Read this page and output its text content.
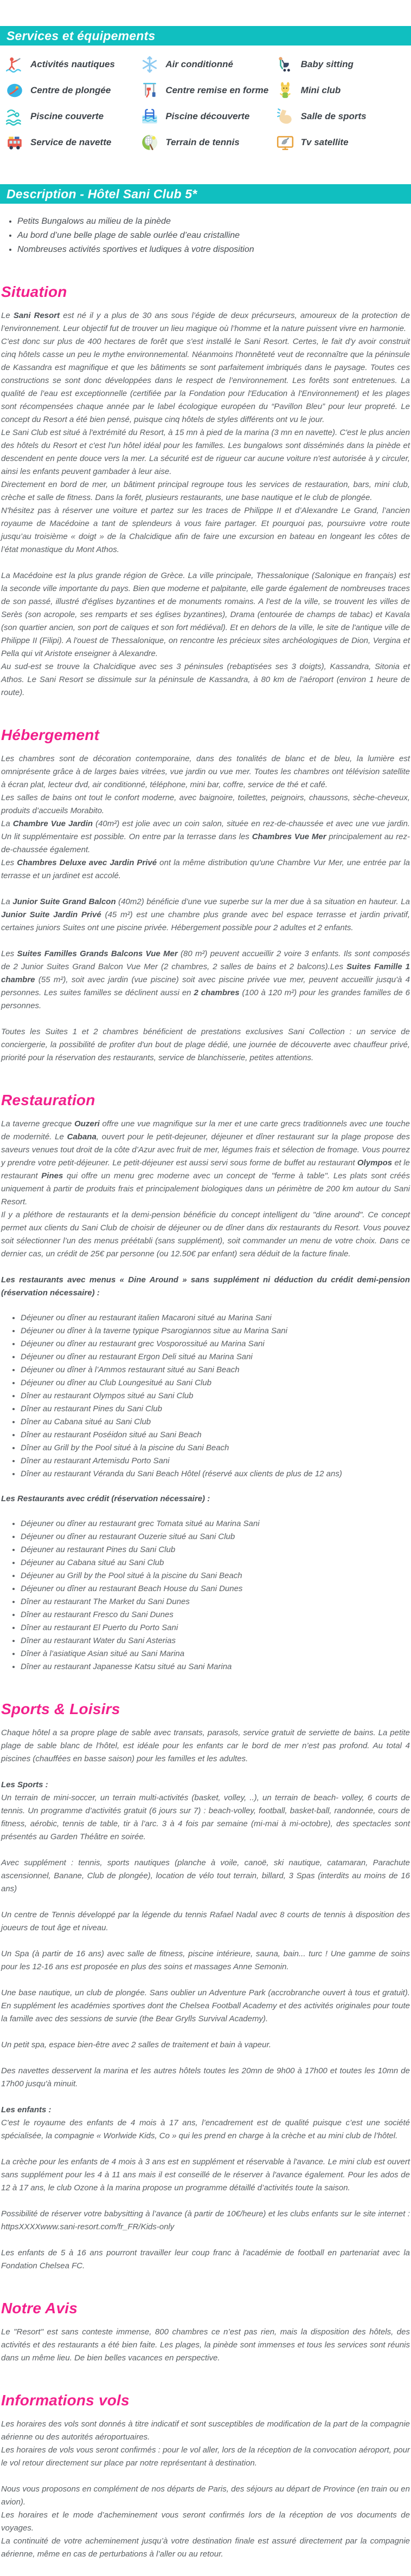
Services et équipements
Activités nautiques	Air conditionné	Baby sitting
Centre de plongée	Centre remise en forme	Mini club
Piscine couverte	Piscine découverte	Salle de sports
Service de navette	Terrain de tennis	Tv satellite
Description - Hôtel Sani Club 5*
• Petits Bungalows au milieu de la pinède
• Au bord d’une belle plage de sable ourlée d’eau cristalline
• Nombreuses activités sportives et ludiques à votre disposition
Situation

Le Sani Resort est né il y a plus de 30 ans sous l’égide de deux précurseurs, amoureux de la protection de l’environnement. Leur objectif fut de trouver un lieu magique où l’homme et la nature puissent vivre en harmonie.

C'est donc sur plus de 400 hectares de forêt que s'est installé le Sani Resort. Certes, le fait d'y avoir construit cinq hôtels casse un peu le mythe environnemental. Néanmoins l'honnêteté veut de reconnaître que la péninsule de Kassandra est magnifique et que les bâtiments se sont parfaitement imbriqués dans le paysage. Toutes ces constructions se sont donc développées dans le respect de l’environnement. Les forêts sont entretenues. La qualité de l’eau est exceptionnelle (certifiée par la Fondation pour l'Education à l'Environnement) et les plages sont récompensées chaque année par le label écologique européen du “Pavillon Bleu” pour leur propreté. Le concept du Resort a été bien pensé, puisque cinq hôtels de styles différents ont vu le jour.

Le Sani Club est situé à l'extrémité du Resort, à 15 mn à pied de la marina (3 mn en navette). C'est le plus ancien des hôtels du Resort et c'est l'un hôtel idéal pour les familles. Les bungalows sont disséminés dans la pinède et descendent en pente douce vers la mer. La sécurité est de rigueur car aucune voiture n'est autorisée à y circuler, ainsi les enfants peuvent gambader à leur aise.

Directement en bord de mer, un bâtiment principal regroupe tous les services de restauration, bars, mini club, crèche et salle de fitness. Dans la forêt, plusieurs restaurants, une base nautique et le club de plongée.

N'hésitez pas à réserver une voiture et partez sur les traces de Philippe II et d’Alexandre Le Grand, l’ancien royaume de Macédoine a tant de splendeurs à vous faire partager. Et pourquoi pas, poursuivre votre route jusqu’au troisième « doigt » de la Chalcidique afin de faire une excursion en bateau en longeant les côtes de l’état monastique du Mont Athos.

La Macédoine est la plus grande région de Grèce. La ville principale, Thessalonique (Salonique en français) est la seconde ville importante du pays. Bien que moderne et palpitante, elle garde également de nombreuses traces de son passé, illustré d'églises byzantines et de monuments romains. A l'est de la ville, se trouvent les villes de Serès (son acropole, ses remparts et ses églises byzantines), Drama (entourée de champs de tabac) et Kavala (son quartier ancien, son port de caïques et son fort médiéval). Et en dehors de la ville, le site de l'antique ville de Philippe II (Filipi). A l'ouest de Thessalonique, on rencontre les précieux sites archéologiques de Dion, Vergina et Pella qui vit Aristote enseigner à Alexandre.

Au sud-est se trouve la Chalcidique avec ses 3 péninsules (rebaptisées ses 3 doigts), Kassandra, Sitonia et Athos. Le Sani Resort se dissimule sur la péninsule de Kassandra, à 80 km de l’aéroport (environ 1 heure de route).

Hébergement

Les chambres sont de décoration contemporaine, dans des tonalités de blanc et de bleu, la lumière est omniprésente grâce à de larges baies vitrées, vue jardin ou vue mer. Toutes les chambres ont télévision satellite à écran plat, lecteur dvd, air conditionné, téléphone, mini bar, coffre, service de thé et café.

Les salles de bains ont tout le confort moderne, avec baignoire, toilettes, peignoirs, chaussons, sèche-cheveux, produits d’accueils Morabito.

La Chambre Vue Jardin (40m²) est jolie avec un coin salon, située en rez-de-chaussée et avec une vue jardin. Un lit supplémentaire est possible. On entre par la terrasse dans les Chambres Vue Mer principalement au rez-de-chaussée également.

Les Chambres Deluxe avec Jardin Privé ont la même distribution qu'une Chambre Vur Mer, une entrée par la terrasse et un jardinet est accolé.

La Junior Suite Grand Balcon (40m2) bénéficie d’une vue superbe sur la mer due à sa situation en hauteur. La Junior Suite Jardin Privé (45 m²) est une chambre plus grande avec bel espace terrasse et jardin privatif, certaines juniors Suites ont une piscine privée. Hébergement possible pour 2 adultes et 2 enfants.

Les Suites Familles Grands Balcons Vue Mer (80 m²) peuvent accueillir 2 voire 3 enfants. Ils sont composés de 2 Junior Suites Grand Balcon Vue Mer (2 chambres, 2 salles de bains et 2 balcons).Les Suites Famille 1 chambre (55 m²), soit avec jardin (vue piscine) soit avec piscine privée vue mer, peuvent accueillir jusqu'à 4 personnes. Les suites familles se déclinent aussi en 2 chambres (100 à 120 m²) pour les grandes familles de 6 personnes.

Toutes les Suites 1 et 2 chambres bénéficient de prestations exclusives Sani Collection : un service de conciergerie, la possibilité de profiter d'un bout de plage dédié, une journée de découverte avec chauffeur privé, priorité pour la réservation des restaurants, service de blanchisserie, petites attentions.

Restauration

La taverne grecque Ouzeri offre une vue magnifique sur la mer et une carte grecs traditionnels avec une touche de modernité. Le Cabana, ouvert pour le petit-dejeuner, déjeuner et dîner restaurant sur la plage propose des saveurs venues tout droit de la côte d’Azur avec fruit de mer, légumes frais et sélection de fromage. Vous pourrez y prendre votre petit-déjeuner. Le petit-déjeuner est aussi servi sous forme de buffet au restaurant Olympos et le restaurant Pines qui offre un menu grec moderne avec un concept de "ferme à table". Les plats sont créés uniquement à partir de produits frais et principalement biologiques dans un périmètre de 200 km autour du Sani Resort.

Il y a pléthore de restaurants et la demi-pension bénéficie du concept intelligent du "dine around". Ce concept permet aux clients du Sani Club de choisir de déjeuner ou de dîner dans dix restaurants du Resort. Vous pouvez soit sélectionner l’un des menus préétabli (sans supplément), soit commander un menu de votre choix. Dans ce dernier cas, un crédit de 25€ par personne (ou 12.50€ par enfant) sera déduit de la facture finale.

Les restaurants avec menus « Dine Around » sans supplément ni déduction du crédit demi-pension (réservation nécessaire) :

• Déjeuner ou dîner au restaurant italien Macaroni situé au Marina Sani
• Déjeuner ou dîner à la taverne typique Psarogiannos situe au Marina Sani
• Déjeuner ou dîner au restaurant grec Vosporossitué au Marina Sani
• Déjeuner ou dîner au restaurant Ergon Deli situé au Marina Sani
• Déjeuner ou dîner à l’Ammos restaurant situé au Sani Beach
• Déjeuner ou dîner au Club Loungesitué au Sani Club
• Dîner au restaurant Olympos situé au Sani Club
• Dîner au restaurant Pines du Sani Club
• Dîner au Cabana situé au Sani Club
• Dîner au restaurant Poséidon situé au Sani Beach
• Dîner au Grill by the Pool situé à la piscine du Sani Beach
• Dîner au restaurant Artemisdu Porto Sani
• Dîner au restaurant Véranda du Sani Beach Hôtel (réservé aux clients de plus de 12 ans)

Les Restaurants avec crédit (réservation nécessaire) :

• Déjeuner ou dîner au restaurant grec Tomata situé au Marina Sani
• Déjeuner ou dîner au restaurant Ouzerie situé au Sani Club
• Déjeuner au restaurant Pines du Sani Club
• Déjeuner au Cabana situé au Sani Club
• Déjeuner au Grill by the Pool situé à la piscine du Sani Beach
• Déjeuner ou dîner au restaurant Beach House du Sani Dunes
• Dîner au restaurant The Market du Sani Dunes
• Dîner au restaurant Fresco du Sani Dunes
• Dîner au restaurant El Puerto du Porto Sani
• Dîner au restaurant Water du Sani Asterias
• Dîner à l’asiatique Asian situé au Sani Marina
• Dîner au restaurant Japanesse Katsu situé au Sani Marina
Sports & Loisirs

Chaque hôtel a sa propre plage de sable avec transats, parasols, service gratuit de serviette de bains. La petite plage de sable blanc de l'hôtel, est idéale pour les enfants car le bord de mer n’est pas profond. Au total 4 piscines (chauffées en basse saison) pour les familles et les adultes.

Les Sports :

Un terrain de mini-soccer, un terrain multi-activités (basket, volley, ..), un terrain de beach- volley, 6 courts de tennis. Un programme d’activités gratuit (6 jours sur 7) : beach-volley, football, basket-ball, randonnée, cours de fitness, aérobic, tennis de table, tir à l’arc. 3 à 4 fois par semaine (mi-mai à mi-octobre), des spectacles sont présentés au Garden Théâtre en soirée.

Avec supplément : tennis, sports nautiques (planche à voile, canoë, ski nautique, catamaran, Parachute ascensionnel, Banane, Club de plongée), location de vélo tout terrain, billard, 3 Spas (interdits au moins de 16 ans)

Un centre de Tennis développé par la légende du tennis Rafael Nadal avec 8 courts de tennis à disposition des joueurs de tout âge et niveau.

Un Spa (à partir de 16 ans) avec salle de fitness, piscine intérieure, sauna, bain... turc ! Une gamme de soins pour les 12-16 ans est proposée en plus des soins et massages Anne Semonin.

Une base nautique, un club de plongée. Sans oublier un Adventure Park (accrobranche ouvert à tous et gratuit). En supplément les académies sportives dont the Chelsea Football Academy et des activités originales pour toute la famille avec des sessions de survie (the Bear Grylls Survival Academy).

Un petit spa, espace bien-être avec 2 salles de traitement et bain à vapeur.

Des navettes desservent la marina et les autres hôtels toutes les 20mn de 9h00 à 17h00 et toutes les 10mn de 17h00 jusqu'à minuit.

Les enfants :

C'est le royaume des enfants de 4 mois à 17 ans, l’encadrement est de qualité puisque c’est une société spécialisée, la compagnie « Worlwide Kids, Co » qui les prend en charge à la crèche et au mini club de l’hôtel.

La crèche pour les enfants de 4 mois à 3 ans est en supplément et réservable à l'avance. Le mini club est ouvert sans supplément pour les 4 à 11 ans mais il est conseillé de le réserver à l'avance également. Pour les ados de 12 à 17 ans, le club Ozone à la marina propose un programme détaillé d’activités toute la saison.

Possibilité de réserver votre babysitting à l’avance (à partir de 10€/heure) et les clubs enfants sur le site internet : httpsXXXXwww.sani-resort.com/fr_FR/Kids-only

Les enfants de 5 à 16 ans pourront travailler leur coup franc à l'académie de football en partenariat avec la Fondation Chelsea FC.

Notre Avis

Le "Resort" est sans conteste immense, 800 chambres ce n’est pas rien, mais la disposition des hôtels, des activités et des restaurants a été bien faite. Les plages, la pinède sont immenses et tous les services sont réunis dans un même lieu. De bien belles vacances en perspective.

Informations vols

Les horaires des vols sont donnés à titre indicatif et sont susceptibles de modification de la part de la compagnie aérienne ou des autorités aéroportuaires.

Les horaires de vols vous seront confirmés : pour le vol aller, lors de la réception de la convocation aéroport, pour le vol retour directement sur place par notre représentant à destination.

Nous vous proposons en complément de nos départs de Paris, des séjours au départ de Province (en train ou en avion).

Les horaires et le mode d’acheminement vous seront confirmés lors de la réception de vos documents de voyages.

La continuité de votre acheminement jusqu’à votre destination finale est assuré directement par la compagnie aérienne, même en cas de perturbations à l’aller ou au retour.
